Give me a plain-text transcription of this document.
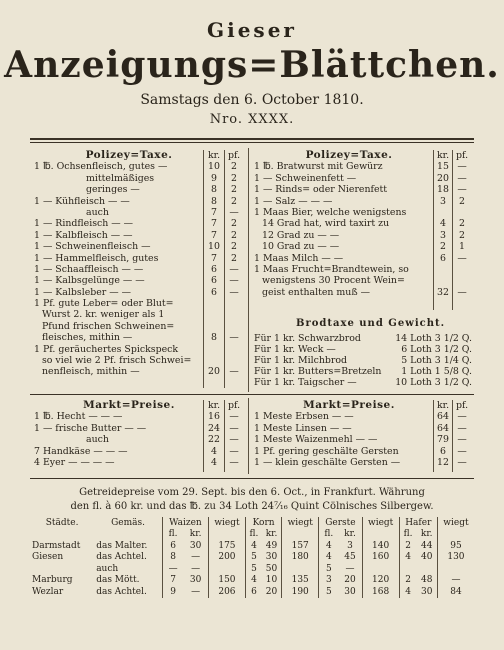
Gieser
Anzeigungs=Blättchen.
Samstags den 6. October 1810.
Nro. XXXX.
Polizey=Taxe.	kr. pf.
1 ℔. Ochsenfleisch, gutes —	10	2
mittelmäßiges	9	2
geringes —	8	2
1 — Kühfleisch — —	8	2
auch	7	—
1 — Rindfleisch — —	7	2
1 — Kalbfleisch — —	7	2
1 — Schweinenfleisch —	10	2
1 — Hammelfleisch, gutes	7	2
1 — Schaaffleisch — —	6	—
1 — Kalbsgelünge — —	6	—
1 — Kalbsleber — —	6	—
1 Pf. gute Leber= oder Blut=
Wurst 2. kr. weniger als 1
Pfund frischen Schweinen=
fleisches, mithin —	8	—
1 Pf. geräuchertes Spickspeck
so viel wie 2 Pf. frisch Schwei=
nenfleisch, mithin —	20 —
Polizey=Taxe.	kr. pf.
1 ℔. Bratwurst mit Gewürz	15 —
1 — Schweinenfett —	20 —
1 — Rinds= oder Nierenfett	18 —
1 — Salz — — —	3	2
1 Maas Bier, welche wenigstens
14 Grad hat, wird taxirt zu	4	2
12 Grad zu — —	3	2
10 Grad zu — —	2	1
1 Maas Milch — —	6	—
1 Maas Frucht=Brandtewein, so
wenigstens 30 Procent Wein=
geist enthalten muß —	32 —
Brodtaxe und Gewicht.
Für 1 kr. Schwarzbrod	14 Loth 3 1/2 Q.
Für 1 kr. Weck —	6 Loth 3 1/2 Q.
Für 1 kr. Milchbrod	5 Loth 3 1/4 Q.
Für 1 kr. Butters=Bretzeln	1 Loth 1 5/8 Q.
Für 1 kr. Taigscher —	10 Loth 3 1/2 Q.
Markt=Preise.	kr. pf.
1 ℔. Hecht — — —	16 —
1 — frische Butter — —	24 —
auch	22 —
7 Handkäse — — —	4	—
4 Eyer — — — —	4	—
Markt=Preise.	kr. pf.
1 Meste Erbsen — —	64 —
1 Meste Linsen — —	64 —
1 Meste Waizenmehl — —	79 —
1 Pf. gering geschälte Gersten	6	—
1 — klein geschälte Gersten —	12 —
Getreidepreise vom 29. Sept. bis den 6. Oct., in Frankfurt. Währung
den fl. à 60 kr. und das ℔. zu 34 Loth 24⁷⁄₁₆ Quint Cölnisches Silbergew.
Städte.	Gemäs.	Waizen		wiegt	Korn		wiegt	Gerste		wiegt	Hafer		wiegt
		fl.	kr.		fl.	kr.		fl.	kr.		fl.	kr.	
Darmstadt	das Malter.	6	30	175	4	49	157	4	3	140	2	44	95
Giesen	das Achtel.	8	—	200	5	30	180	4	45	160	4	40	130
	auch	—	—		5	50		5	—				
Marburg	das Mött.	7	30	150	4	10	135	3	20	120	2	48	—
Wezlar	das Achtel.	9	—	206	6	20	190	5	30	168	4	30	84
